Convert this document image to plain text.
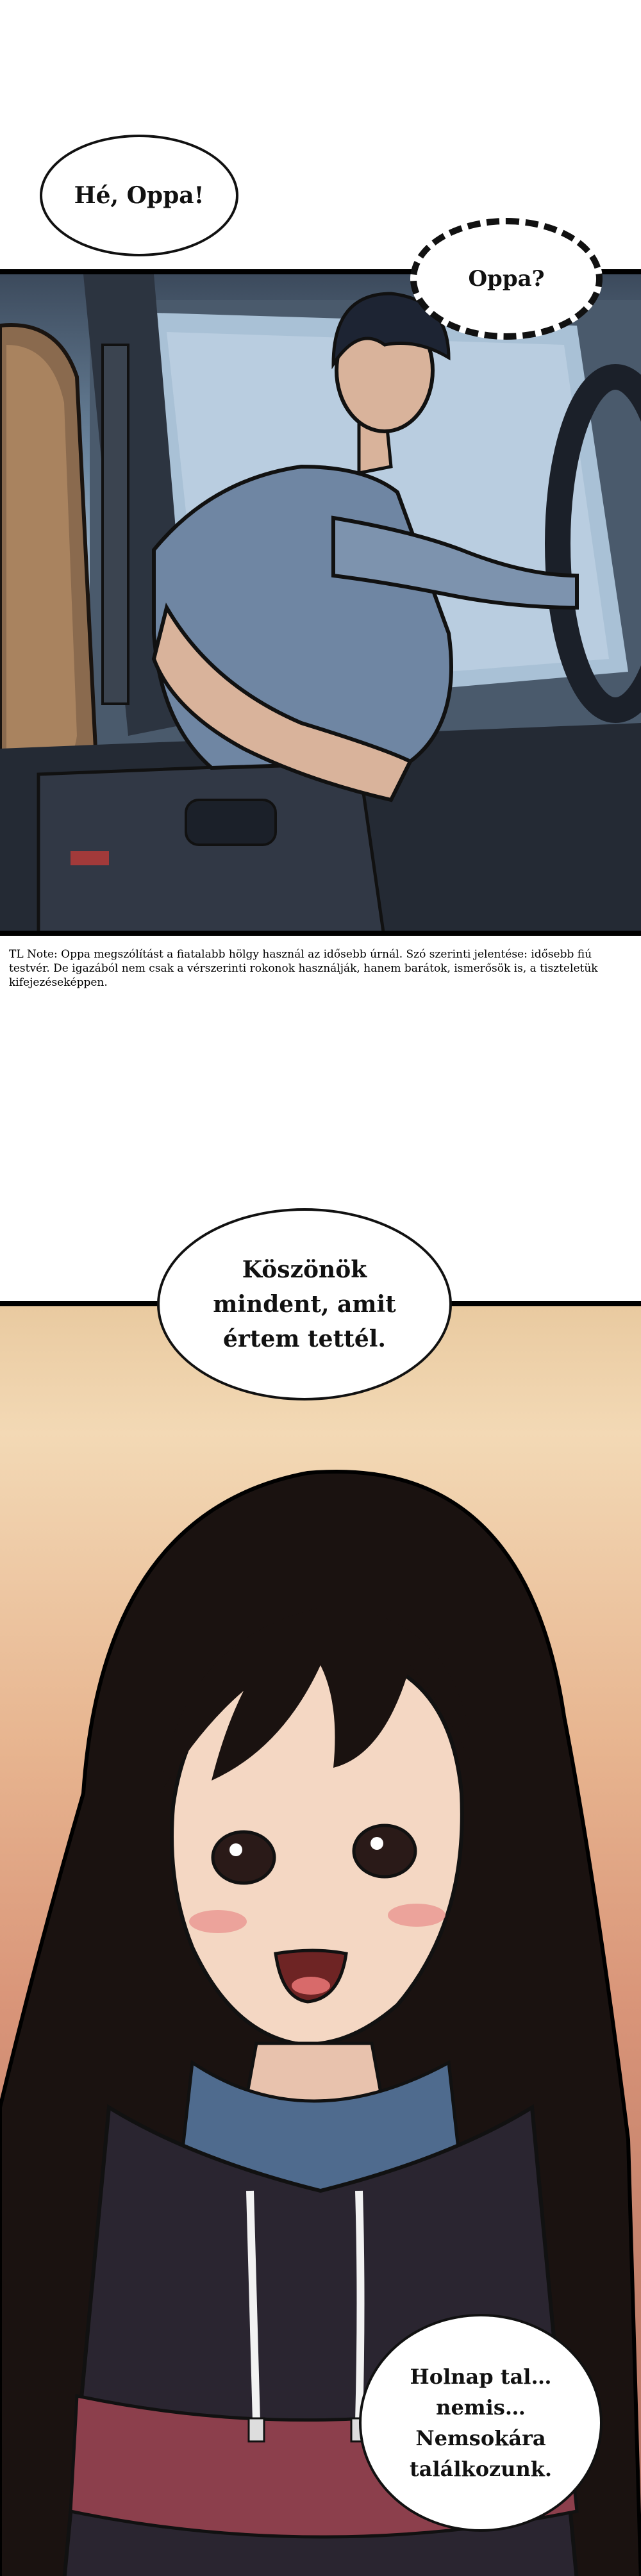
Hé, Oppa!
Oppa?
TL Note: Oppa megszólítást a fiatalabb hölgy használ az idősebb úrnál. Szó szerinti jelentése: idősebb fiú testvér. De igazából nem csak a vérszerinti rokonok használják, hanem barátok, ismerősök is, a tiszteletük kifejezéseképpen.
Köszönök
mindent, amit
értem tettél.
Holnap tal…
nemis…
Nemsokára
találkozunk.
